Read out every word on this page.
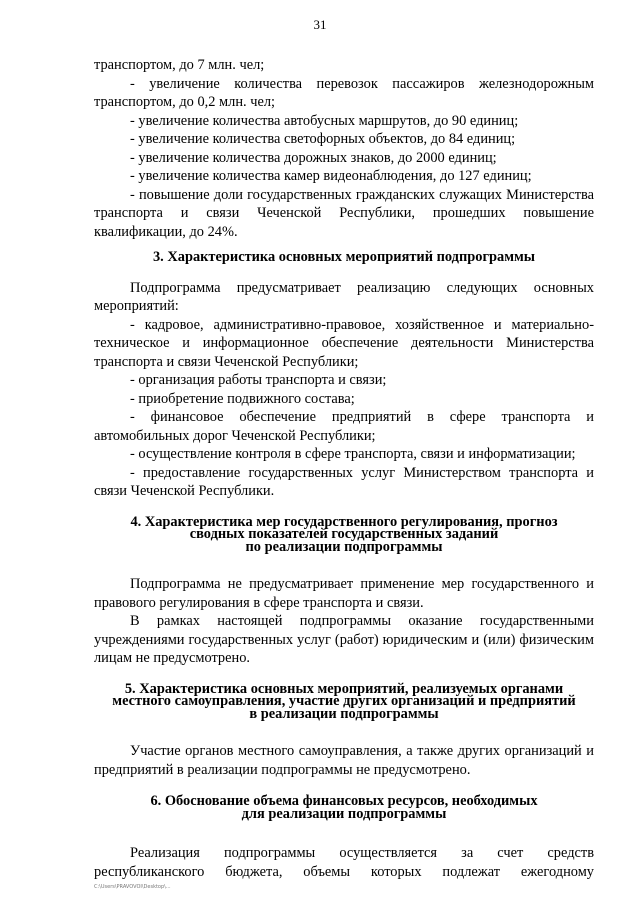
31

транспортом, до 7 млн. чел;

- увеличение количества перевозок пассажиров железнодорожным транспортом, до 0,2 млн. чел;

- увеличение количества автобусных маршрутов, до 90 единиц;

- увеличение количества светофорных объектов, до 84 единиц;

- увеличение количества дорожных знаков, до 2000 единиц;

- увеличение количества камер видеонаблюдения, до 127 единиц;

- повышение доли государственных гражданских служащих Министерства транспорта и связи Чеченской Республики, прошедших повышение квалификации, до 24%.

3. Характеристика основных мероприятий подпрограммы

Подпрограмма предусматривает реализацию следующих основных мероприятий:

- кадровое, административно-правовое, хозяйственное и материально-техническое и информационное обеспечение деятельности Министерства транспорта и связи Чеченской Республики;

- организация работы транспорта и связи;

- приобретение подвижного состава;

- финансовое обеспечение предприятий в сфере транспорта и автомобильных дорог Чеченской Республики;

- осуществление контроля в сфере транспорта, связи и информатизации;

- предоставление государственных услуг Министерством транспорта и связи Чеченской Республики.

4. Характеристика мер государственного регулирования, прогноз
сводных показателей государственных заданий
по реализации подпрограммы

Подпрограмма не предусматривает применение мер государственного и правового регулирования в сфере транспорта и связи.

В рамках настоящей подпрограммы оказание государственными учреждениями государственных услуг (работ) юридическим и (или) физическим лицам не предусмотрено.

5. Характеристика основных мероприятий, реализуемых органами
местного самоуправления, участие других организаций и предприятий
в реализации подпрограммы

Участие органов местного самоуправления, а также других организаций и предприятий в реализации подпрограммы не предусмотрено.

6. Обоснование объема финансовых ресурсов, необходимых
для реализации подпрограммы

Реализация подпрограммы осуществляется за счет средств республиканского бюджета, объемы которых подлежат ежегодному

C:\Users\PRAVOVOI\Desktop\...
